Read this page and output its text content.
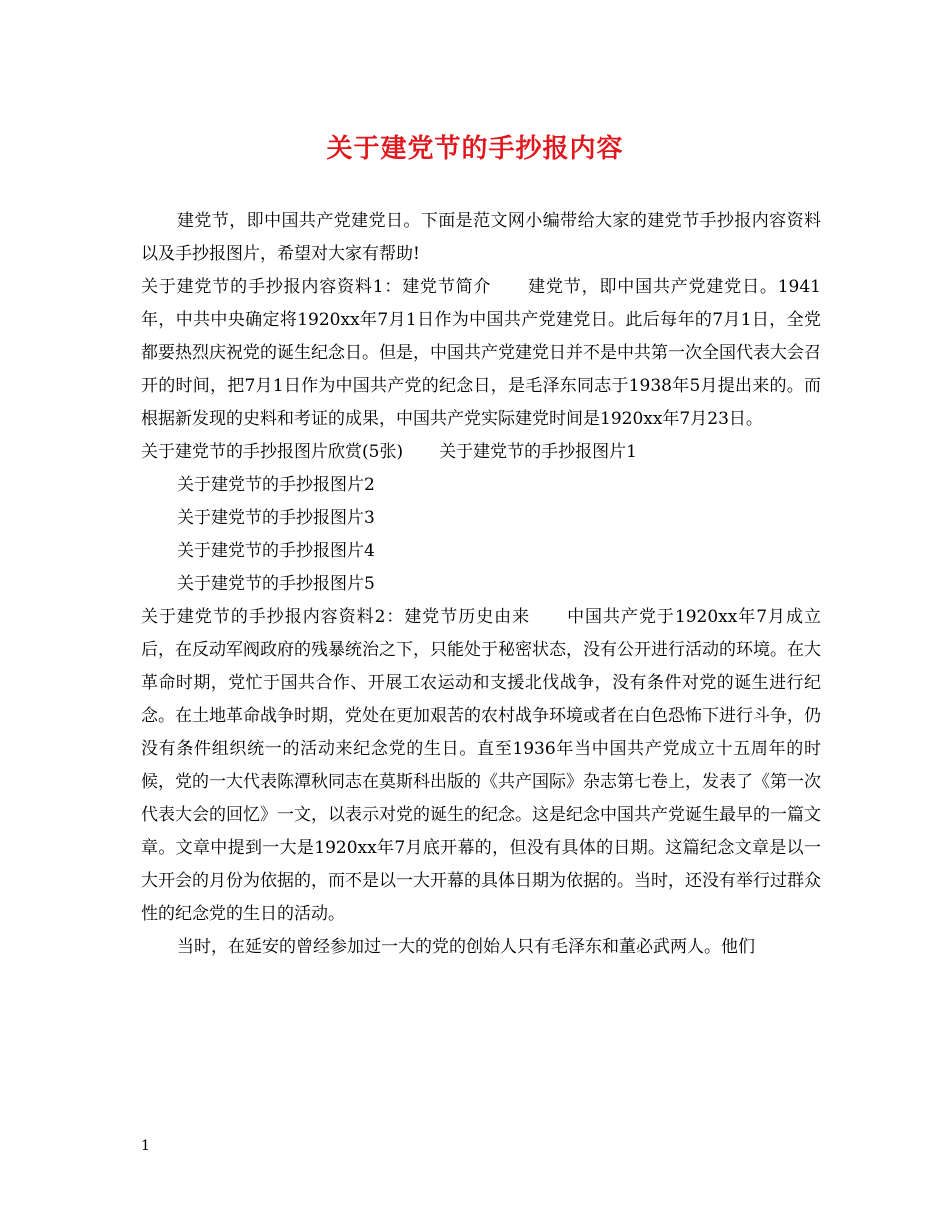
关于建党节的手抄报内容

建党节，即中国共产党建党日。下面是范文网小编带给大家的建党节手抄报内容资料以及手抄报图片，希望对大家有帮助!

关于建党节的手抄报内容资料1：建党节简介 建党节，即中国共产党建党日。1941年，中共中央确定将1920xx年7月1日作为中国共产党建党日。此后每年的7月1日，全党都要热烈庆祝党的诞生纪念日。但是，中国共产党建党日并不是中共第一次全国代表大会召开的时间，把7月1日作为中国共产党的纪念日，是毛泽东同志于1938年5月提出来的。而根据新发现的史料和考证的成果，中国共产党实际建党时间是1920xx年7月23日。

关于建党节的手抄报图片欣赏(5张) 关于建党节的手抄报图片1

关于建党节的手抄报图片2

关于建党节的手抄报图片3

关于建党节的手抄报图片4

关于建党节的手抄报图片5

关于建党节的手抄报内容资料2：建党节历史由来 中国共产党于1920xx年7月成立后，在反动军阀政府的残暴统治之下，只能处于秘密状态，没有公开进行活动的环境。在大革命时期，党忙于国共合作、开展工农运动和支援北伐战争，没有条件对党的诞生进行纪念。在土地革命战争时期，党处在更加艰苦的农村战争环境或者在白色恐怖下进行斗争，仍没有条件组织统一的活动来纪念党的生日。直至1936年当中国共产党成立十五周年的时候，党的一大代表陈潭秋同志在莫斯科出版的《共产国际》杂志第七卷上，发表了《第一次代表大会的回忆》一文，以表示对党的诞生的纪念。这是纪念中国共产党诞生最早的一篇文章。文章中提到一大是1920xx年7月底开幕的，但没有具体的日期。这篇纪念文章是以一大开会的月份为依据的，而不是以一大开幕的具体日期为依据的。当时，还没有举行过群众性的纪念党的生日的活动。

当时，在延安的曾经参加过一大的党的创始人只有毛泽东和董必武两人。他们

1
